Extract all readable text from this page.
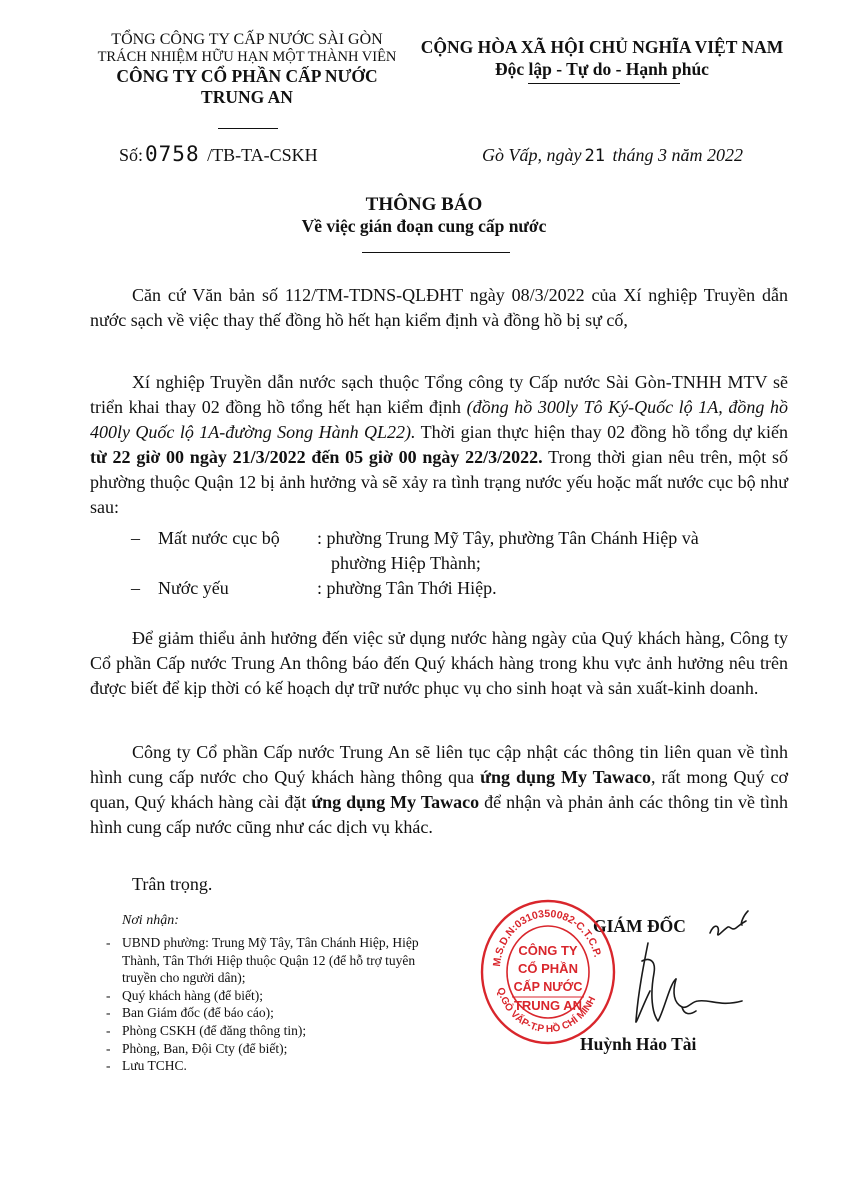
TỔNG CÔNG TY CẤP NƯỚC SÀI GÒN
TRÁCH NHIỆM HỮU HẠN MỘT THÀNH VIÊN
CÔNG TY CỔ PHẦN CẤP NƯỚC
TRUNG AN
CỘNG HÒA XÃ HỘI CHỦ NGHĨA VIỆT NAM
Độc lập - Tự do - Hạnh phúc
Số:0758 /TB-TA-CSKH	Gò Vấp, ngày 21 tháng 3 năm 2022
THÔNG BÁO
Về việc gián đoạn cung cấp nước

Căn cứ Văn bản số 112/TM-TDNS-QLĐHT ngày 08/3/2022 của Xí nghiệp Truyền dẫn nước sạch về việc thay thế đồng hồ hết hạn kiểm định và đồng hồ bị sự cố,

Xí nghiệp Truyền dẫn nước sạch thuộc Tổng công ty Cấp nước Sài Gòn-TNHH MTV sẽ triển khai thay 02 đồng hồ tổng hết hạn kiểm định (đồng hồ 300ly Tô Ký-Quốc lộ 1A, đồng hồ 400ly Quốc lộ 1A-đường Song Hành QL22). Thời gian thực hiện thay 02 đồng hồ tổng dự kiến từ 22 giờ 00 ngày 21/3/2022 đến 05 giờ 00 ngày 22/3/2022. Trong thời gian nêu trên, một số phường thuộc Quận 12 bị ảnh hưởng và sẽ xảy ra tình trạng nước yếu hoặc mất nước cục bộ như sau:

– Mất nước cục bộ : phường Trung Mỹ Tây, phường Tân Chánh Hiệp và
phường Hiệp Thành;
– Nước yếu	: phường Tân Thới Hiệp.

Để giảm thiểu ảnh hưởng đến việc sử dụng nước hàng ngày của Quý khách hàng, Công ty Cổ phần Cấp nước Trung An thông báo đến Quý khách hàng trong khu vực ảnh hưởng nêu trên được biết để kịp thời có kế hoạch dự trữ nước phục vụ cho sinh hoạt và sản xuất-kinh doanh.

Công ty Cổ phần Cấp nước Trung An sẽ liên tục cập nhật các thông tin liên quan về tình hình cung cấp nước cho Quý khách hàng thông qua ứng dụng My Tawaco, rất mong Quý cơ quan, Quý khách hàng cài đặt ứng dụng My Tawaco để nhận và phản ảnh các thông tin về tình hình cung cấp nước cũng như các dịch vụ khác.

Trân trọng.
Nơi nhận:
- UBND phường: Trung Mỹ Tây, Tân Chánh Hiệp, Hiệp
Thành, Tân Thới Hiệp thuộc Quận 12 (để hỗ trợ tuyên
truyền cho người dân);
- Quý khách hàng (để biết);
- Ban Giám đốc (để báo cáo);
- Phòng CSKH (để đăng thông tin);
- Phòng, Ban, Đội Cty (để biết);
- Lưu TCHC.
GIÁM ĐỐC
M.S.D.N:0310350082-C.T.C.P.
Q.GÒ VẤP-T.P HỒ CHÍ MINH
CÔNG TY
CỔ PHẦN
CẤP NƯỚC
TRUNG AN
Huỳnh Hảo Tài
